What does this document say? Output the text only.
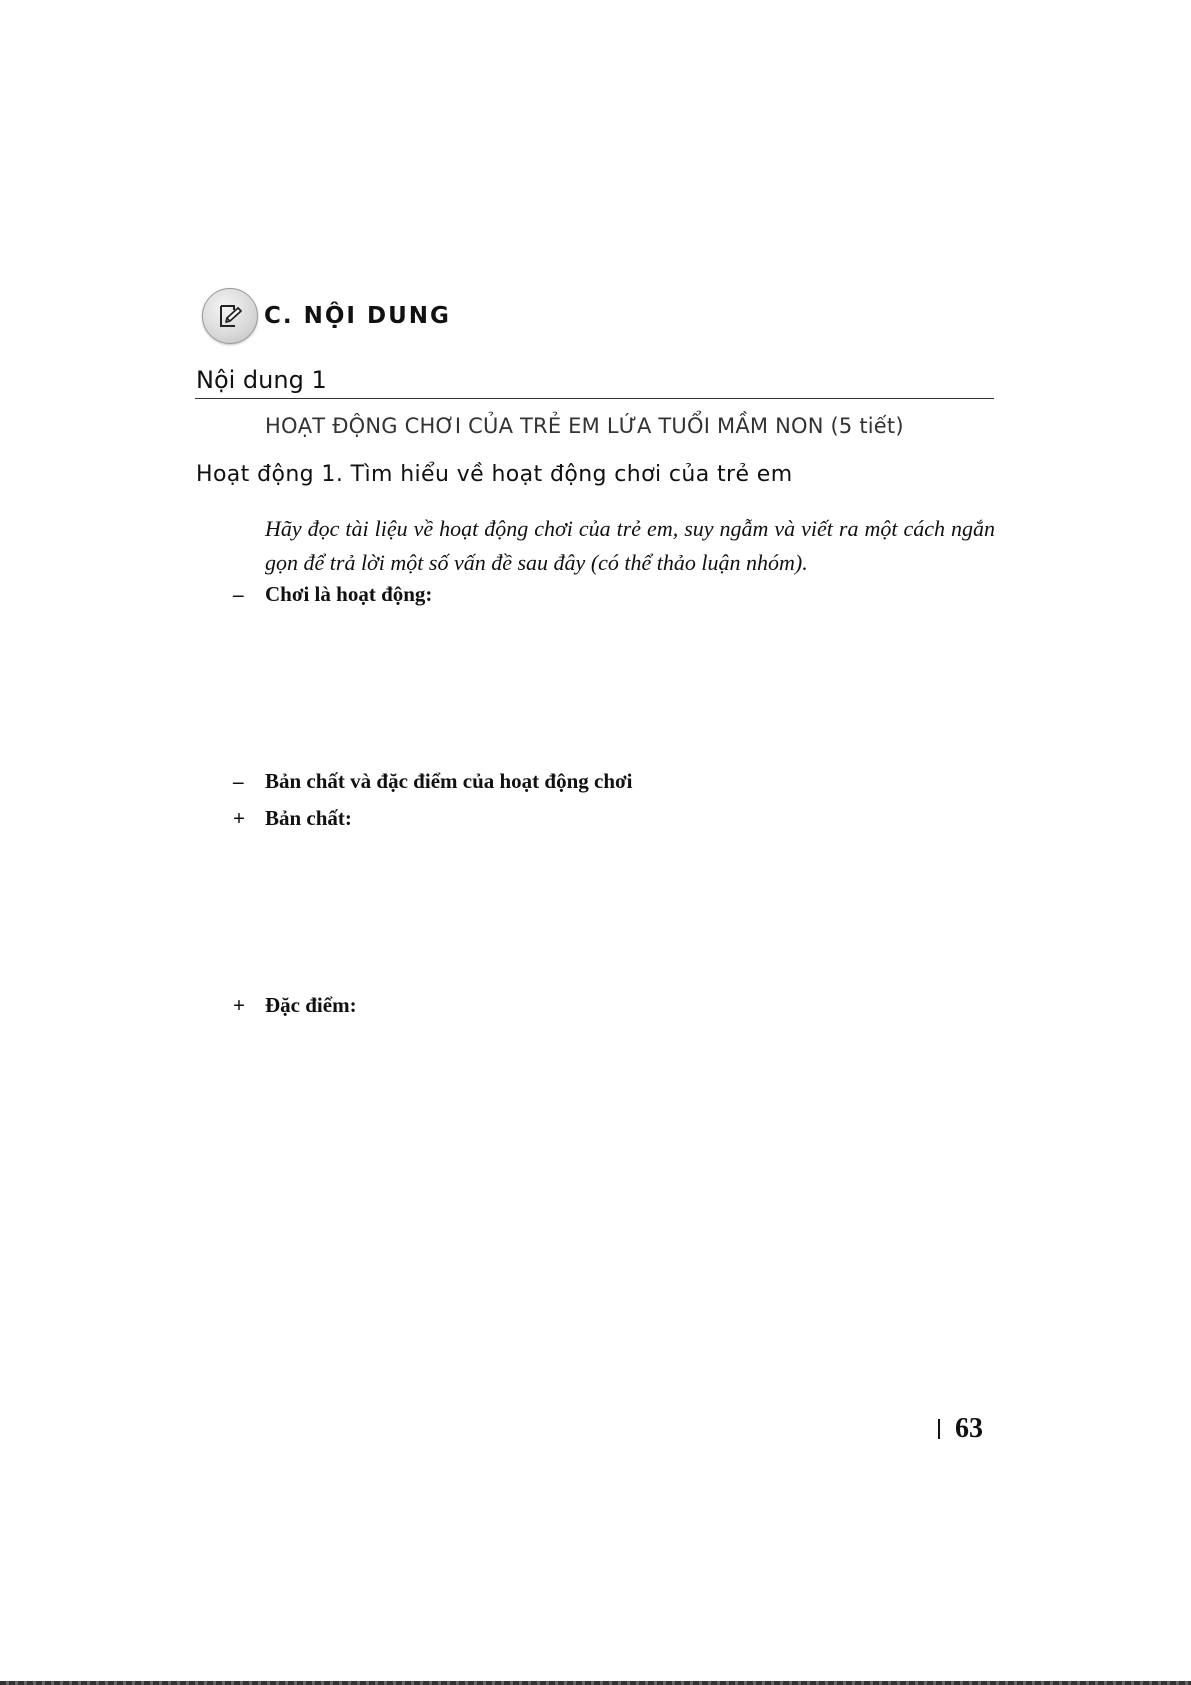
C. NỘI DUNG
Nội dung 1
HOẠT ĐỘNG CHƠI CỦA TRẺ EM LỨA TUỔI MẦM NON (5 tiết)
Hoạt động 1. Tìm hiểu về hoạt động chơi của trẻ em
Hãy đọc tài liệu về hoạt động chơi của trẻ em, suy ngẫm và viết ra một cách ngắn gọn để trả lời một số vấn đề sau đây (có thể thảo luận nhóm).
–	Chơi là hoạt động:
–	Bản chất và đặc điểm của hoạt động chơi
+ Bản chất:
+ Đặc điểm:
63
